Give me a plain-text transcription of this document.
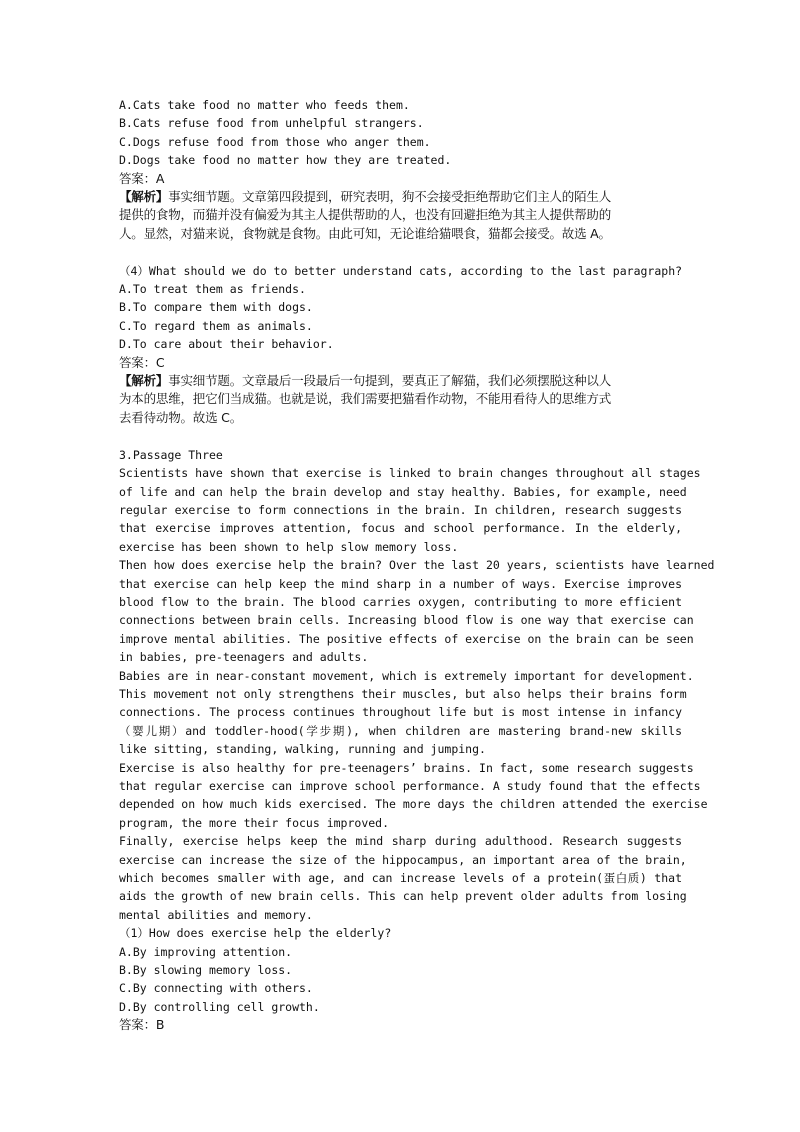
A.Cats take food no matter who feeds them.
B.Cats refuse food from unhelpful strangers.
C.Dogs refuse food from those who anger them.
D.Dogs take food no matter how they are treated.
答案：A
【解析】事实细节题。文章第四段提到，研究表明，狗不会接受拒绝帮助它们主人的陌生人
提供的食物，而猫并没有偏爱为其主人提供帮助的人，也没有回避拒绝为其主人提供帮助的
人。显然，对猫来说，食物就是食物。由此可知，无论谁给猫喂食，猫都会接受。故选 A。
（4）What should we do to better understand cats, according to the last paragraph?
A.To treat them as friends.
B.To compare them with dogs.
C.To regard them as animals.
D.To care about their behavior.
答案：C
【解析】事实细节题。文章最后一段最后一句提到，要真正了解猫，我们必须摆脱这种以人
为本的思维，把它们当成猫。也就是说，我们需要把猫看作动物，不能用看待人的思维方式
去看待动物。故选 C。
3.Passage Three
Scientists have shown that exercise is linked to brain changes throughout all stages
of life and can help the brain develop and stay healthy. Babies, for example, need
regular exercise to form connections in the brain. In children, research suggests
that exercise improves attention, focus and school performance. In the elderly,
exercise has been shown to help slow memory loss.
Then how does exercise help the brain? Over the last 20 years, scientists have learned
that exercise can help keep the mind sharp in a number of ways. Exercise improves
blood flow to the brain. The blood carries oxygen, contributing to more efficient
connections between brain cells. Increasing blood flow is one way that exercise can
improve mental abilities. The positive effects of exercise on the brain can be seen
in babies, pre-teenagers and adults.
Babies are in near-constant movement, which is extremely important for development.
This movement not only strengthens their muscles, but also helps their brains form
connections. The process continues throughout life but is most intense in infancy
（婴儿期）and toddler-hood(学步期), when children are mastering brand-new skills
like sitting, standing, walking, running and jumping.
Exercise is also healthy for pre-teenagers’ brains. In fact, some research suggests
that regular exercise can improve school performance. A study found that the effects
depended on how much kids exercised. The more days the children attended the exercise
program, the more their focus improved.
Finally, exercise helps keep the mind sharp during adulthood. Research suggests
exercise can increase the size of the hippocampus, an important area of the brain,
which becomes smaller with age, and can increase levels of a protein(蛋白质) that
aids the growth of new brain cells. This can help prevent older adults from losing
mental abilities and memory.
（1）How does exercise help the elderly?
A.By improving attention.
B.By slowing memory loss.
C.By connecting with others.
D.By controlling cell growth.
答案：B
